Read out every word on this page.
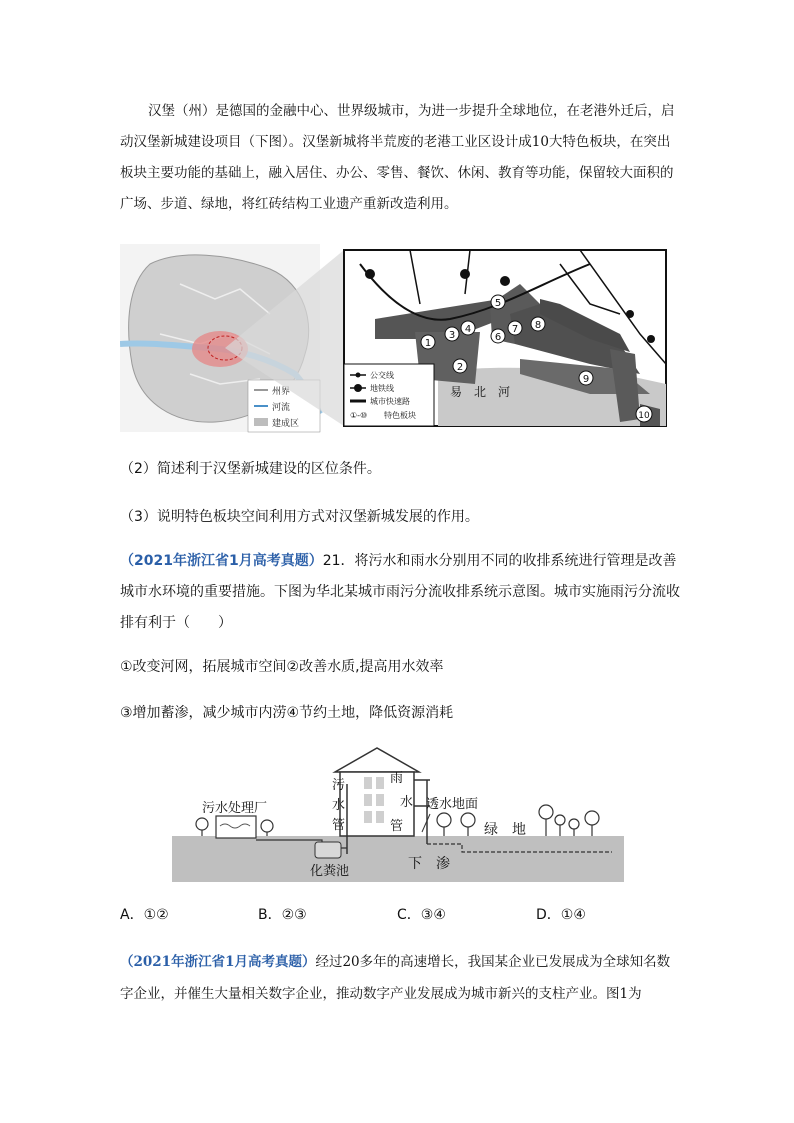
汉堡（州）是德国的金融中心、世界级城市，为进一步提升全球地位，在老港外迁后，启动汉堡新城建设项目（下图）。汉堡新城将半荒废的老港工业区设计成10大特色板块，在突出板块主要功能的基础上，融入居住、办公、零售、餐饮、休闲、教育等功能，保留较大面积的广场、步道、绿地，将红砖结构工业遗产重新改造利用。
州界
河流
建成区
1
2
3
4
5
6
7 8
9
10
易　北　河
公交线
地铁线
城市快速路
①-⑩ 特色板块
（2）简述利于汉堡新城建设的区位条件。
（3）说明特色板块空间利用方式对汉堡新城发展的作用。
（2021年浙江省1月高考真题）21．将污水和雨水分别用不同的收排系统进行管理是改善城市水环境的重要措施。下图为华北某城市雨污分流收排系统示意图。城市实施雨污分流收排有利于（　　）
①改变河网，拓展城市空间②改善水质,提高用水效率
③增加蓄渗，减少城市内涝④节约土地，降低资源消耗
污
水
管
雨
水
管
污水处理厂
化粪池
透水地面
绿　地
下　渗
A．①②	B．②③	C．③④	D．①④
（2021年浙江省1月高考真题）经过20多年的高速增长，我国某企业已发展成为全球知名数字企业，并催生大量相关数字企业，推动数字产业发展成为城市新兴的支柱产业。图1为
